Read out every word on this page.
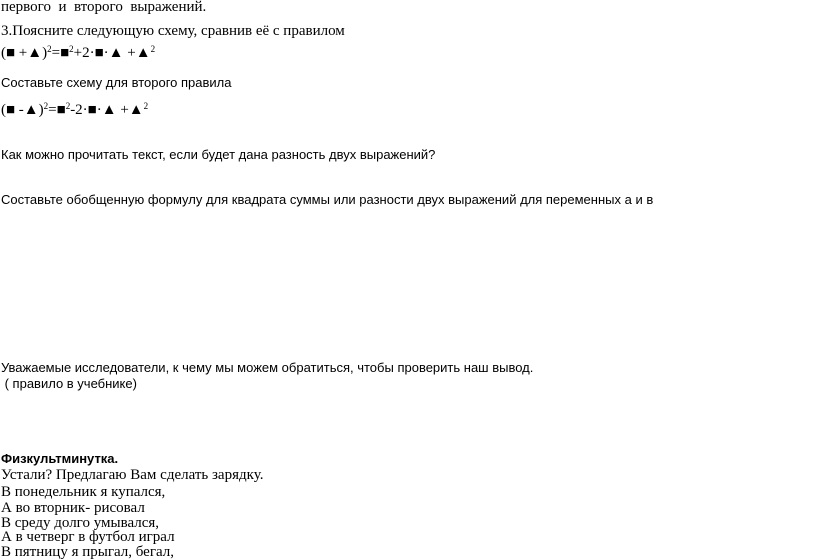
первого  и  второго  выражений.
3.Поясните следующую схему, сравнив её с правилом
(■ +▲)$^2$=■$^2$+2·■·▲ +▲$^2$
Составьте схему для второго правила
(■ -▲)$^2$=■$^2$-2·■·▲ +▲$^2$
Как можно прочитать текст, если будет дана разность двух выражений?
Составьте обобщенную формулу для квадрата суммы или разности двух выражений для переменных а и в
Уважаемые исследователи, к чему мы можем обратиться, чтобы проверить наш вывод.
( правило в учебнике)
Физкультминутка.
Устали? Предлагаю Вам сделать зарядку.
В понедельник я купался,
А во вторник- рисовал
В среду долго умывался,
А в четверг в футбол играл
В пятницу я прыгал, бегал,
